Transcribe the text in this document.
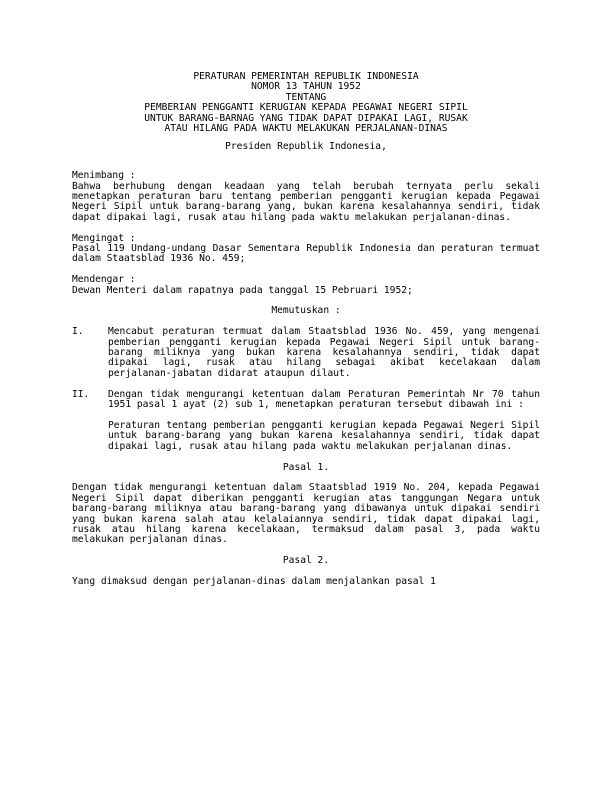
PERATURAN PEMERINTAH REPUBLIK INDONESIA
NOMOR 13 TAHUN 1952
TENTANG
PEMBERIAN PENGGANTI KERUGIAN KEPADA PEGAWAI NEGERI SIPIL
UNTUK BARANG-BARNAG YANG TIDAK DAPAT DIPAKAI LAGI, RUSAK
ATAU HILANG PADA WAKTU MELAKUKAN PERJALANAN-DINAS
Presiden Republik Indonesia,
Menimbang :
Bahwa berhubung dengan keadaan yang telah berubah ternyata perlu sekali menetapkan peraturan baru tentang pemberian pengganti kerugian kepada Pegawai Negeri Sipil untuk barang-barang yang, bukan karena kesalahannya sendiri, tidak dapat dipakai lagi, rusak atau hilang pada waktu melakukan perjalanan-dinas.
Mengingat :
Pasal 119 Undang-undang Dasar Sementara Republik Indonesia dan peraturan termuat dalam Staatsblad 1936 No. 459;
Mendengar :
Dewan Menteri dalam rapatnya pada tanggal 15 Pebruari 1952;
Memutuskan :
I.	Mencabut peraturan termuat dalam Staatsblad 1936 No. 459, yang mengenai pemberian pengganti kerugian kepada Pegawai Negeri Sipil untuk barang-barang miliknya yang bukan karena kesalahannya sendiri, tidak dapat dipakai lagi, rusak atau hilang sebagai akibat kecelakaan dalam perjalanan-jabatan didarat ataupun dilaut.
II.	Dengan tidak mengurangi ketentuan dalam Peraturan Pemerintah Nr 70 tahun 1951 pasal 1 ayat (2) sub 1, menetapkan peraturan tersebut dibawah ini :
Peraturan tentang pemberian pengganti kerugian kepada Pegawai Negeri Sipil untuk barang-barang yang bukan karena kesalahannya sendiri, tidak dapat dipakai lagi, rusak atau hilang pada waktu melakukan perjalanan dinas.
Pasal 1.
Dengan tidak mengurangi ketentuan dalam Staatsblad 1919 No. 204, kepada Pegawai Negeri Sipil dapat diberikan pengganti kerugian atas tanggungan Negara untuk barang-barang miliknya atau barang-barang yang dibawanya untuk dipakai sendiri yang bukan karena salah atau kelalaiannya sendiri, tidak dapat dipakai lagi, rusak atau hilang karena kecelakaan, termaksud dalam pasal 3, pada waktu melakukan perjalanan dinas.
Pasal 2.
Yang dimaksud dengan perjalanan-dinas dalam menjalankan pasal 1
